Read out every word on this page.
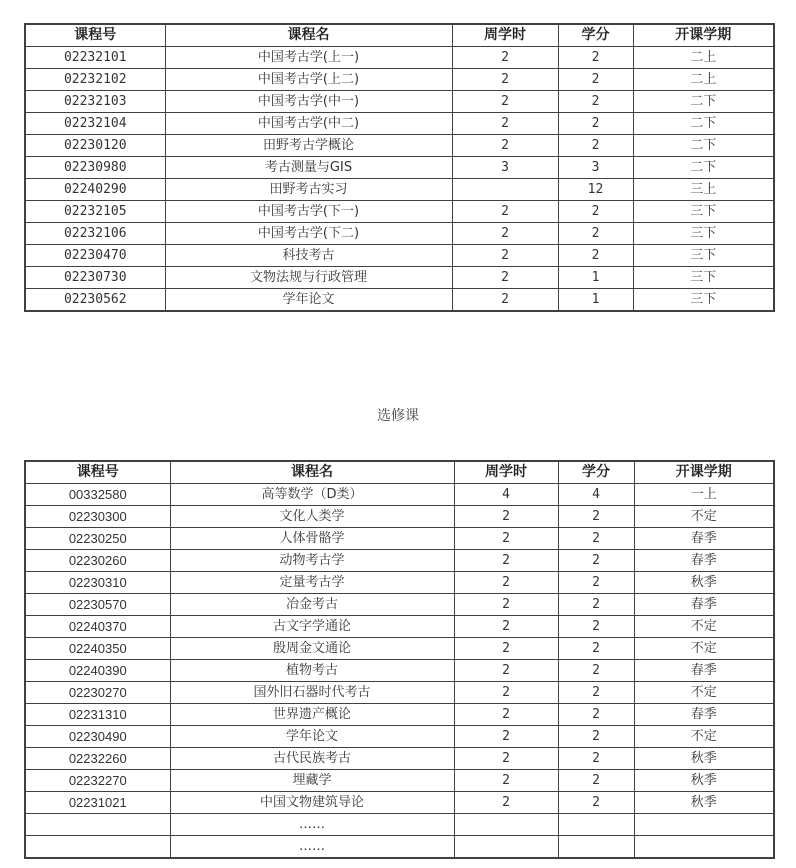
课程号	课程名	周学时	学分	开课学期
02232101	中国考古学(上一)	2	2	二上
02232102	中国考古学(上二)	2	2	二上
02232103	中国考古学(中一)	2	2	二下
02232104	中国考古学(中二)	2	2	二下
02230120	田野考古学概论	2	2	二下
02230980	考古测量与GIS	3	3	二下
02240290	田野考古实习		12	三上
02232105	中国考古学(下一)	2	2	三下
02232106	中国考古学(下二)	2	2	三下
02230470	科技考古	2	2	三下
02230730	文物法规与行政管理	2	1	三下
02230562	学年论文	2	1	三下
选修课
课程号	课程名	周学时	学分	开课学期
00332580	高等数学（D类）	4	4	一上
02230300	文化人类学	2	2	不定
02230250	人体骨骼学	2	2	春季
02230260	动物考古学	2	2	春季
02230310	定量考古学	2	2	秋季
02230570	冶金考古	2	2	春季
02240370	古文字学通论	2	2	不定
02240350	殷周金文通论	2	2	不定
02240390	植物考古	2	2	春季
02230270	国外旧石器时代考古	2	2	不定
02231310	世界遗产概论	2	2	春季
02230490	学年论文	2	2	不定
02232260	古代民族考古	2	2	秋季
02232270	埋藏学	2	2	秋季
02231021	中国文物建筑导论	2	2	秋季
	……			
	……			
